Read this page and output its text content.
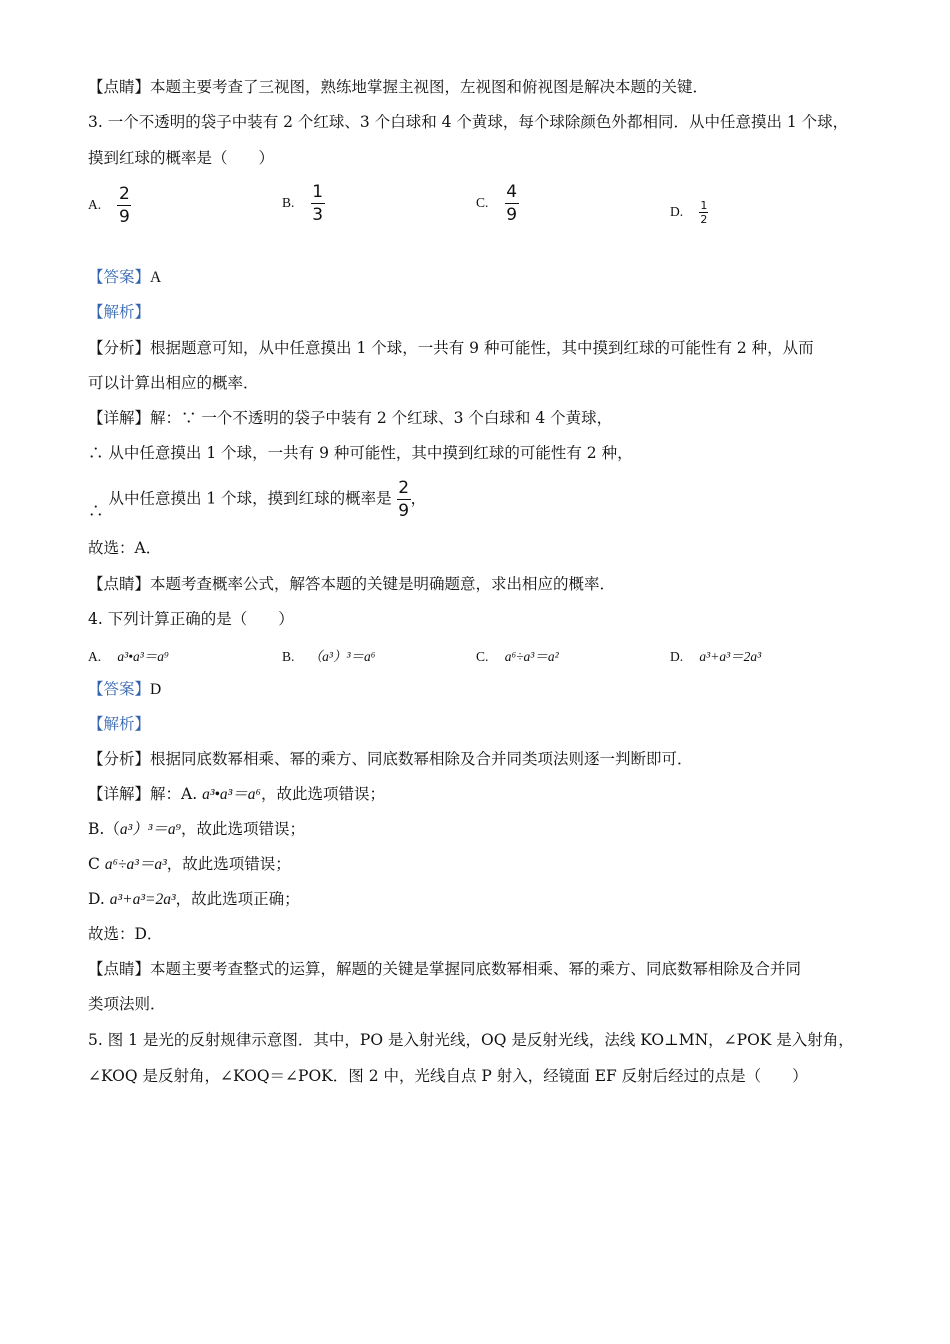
【点睛】本题主要考查了三视图，熟练地掌握主视图，左视图和俯视图是解决本题的关键．
3. 一个不透明的袋子中装有 2 个红球、3 个白球和 4 个黄球，每个球除颜色外都相同．从中任意摸出 1 个球，
摸到红球的概率是（　　）
A. $\frac{2}{9}$	B. $\frac{1}{3}$	C. $\frac{4}{9}$	D. $\frac{1}{2}$
【答案】A
【解析】
【分析】根据题意可知，从中任意摸出 1 个球，一共有 9 种可能性，其中摸到红球的可能性有 2 种，从而
可以计算出相应的概率．
【详解】解：∵ 一个不透明的袋子中装有 2 个红球、3 个白球和 4 个黄球，
∴ 从中任意摸出 1 个球，一共有 9 种可能性，其中摸到红球的可能性有 2 种，
∴ 从中任意摸出 1 个球，摸到红球的概率是 $\frac{2}{9}$ ，
故选：A．
【点睛】本题考查概率公式，解答本题的关键是明确题意，求出相应的概率．
4. 下列计算正确的是（　　）
A. a³•a³＝a⁹	B. （a³）³＝a⁶	C. a⁶÷a³＝a²	D. a³+a³＝2a³
【答案】D
【解析】
【分析】根据同底数幂相乘、幂的乘方、同底数幂相除及合并同类项法则逐一判断即可．
【详解】解：A. a³•a³＝a⁶，故此选项错误；
B.（a³）³＝a⁹，故此选项错误；
C a⁶÷a³＝a³，故此选项错误；
D. a³+a³=2a³，故此选项正确；
故选：D．
【点睛】本题主要考查整式的运算，解题的关键是掌握同底数幂相乘、幂的乘方、同底数幂相除及合并同
类项法则．
5. 图 1 是光的反射规律示意图．其中，PO 是入射光线，OQ 是反射光线，法线 KO⊥MN，∠POK 是入射角，
∠KOQ 是反射角，∠KOQ＝∠POK．图 2 中，光线自点 P 射入，经镜面 EF 反射后经过的点是（　　）
